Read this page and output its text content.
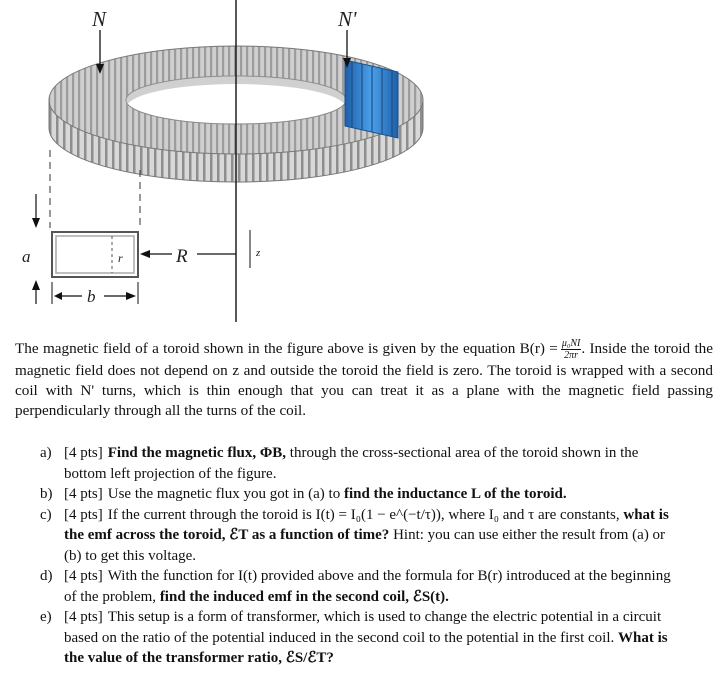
N	N'
a
b
r	R	z

The magnetic field of a toroid shown in the figure above is given by the equation $B(r) = \frac{\text{μ₀NI}}{2\pi r}$ . Inside the toroid the magnetic field does not depend on z and outside the toroid the field is zero. The toroid is wrapped with a second coil with N' turns, which is thin enough that you can treat it as a plane with the magnetic field passing perpendicularly through all the turns of the coil.

a) [4 pts] Find the magnetic flux, ΦB, through the cross-sectional area of the toroid shown in the bottom left projection of the figure.
b) [4 pts] Use the magnetic flux you got in (a) to find the inductance L of the toroid.
c) [4 pts] If the current through the toroid is I(t) = I₀(1 − e^(−t/τ)), where I₀ and τ are constants, what is the emf across the toroid, ℰT as a function of time? Hint: you can use either the result from (a) or (b) to get this voltage.
d) [4 pts] With the function for I(t) provided above and the formula for B(r) introduced at the beginning of the problem, find the induced emf in the second coil, ℰS(t).
e) [4 pts] This setup is a form of transformer, which is used to change the electric potential in a circuit based on the ratio of the potential induced in the second coil to the potential in the first coil. What is the value of the transformer ratio, ℰS/ℰT?
